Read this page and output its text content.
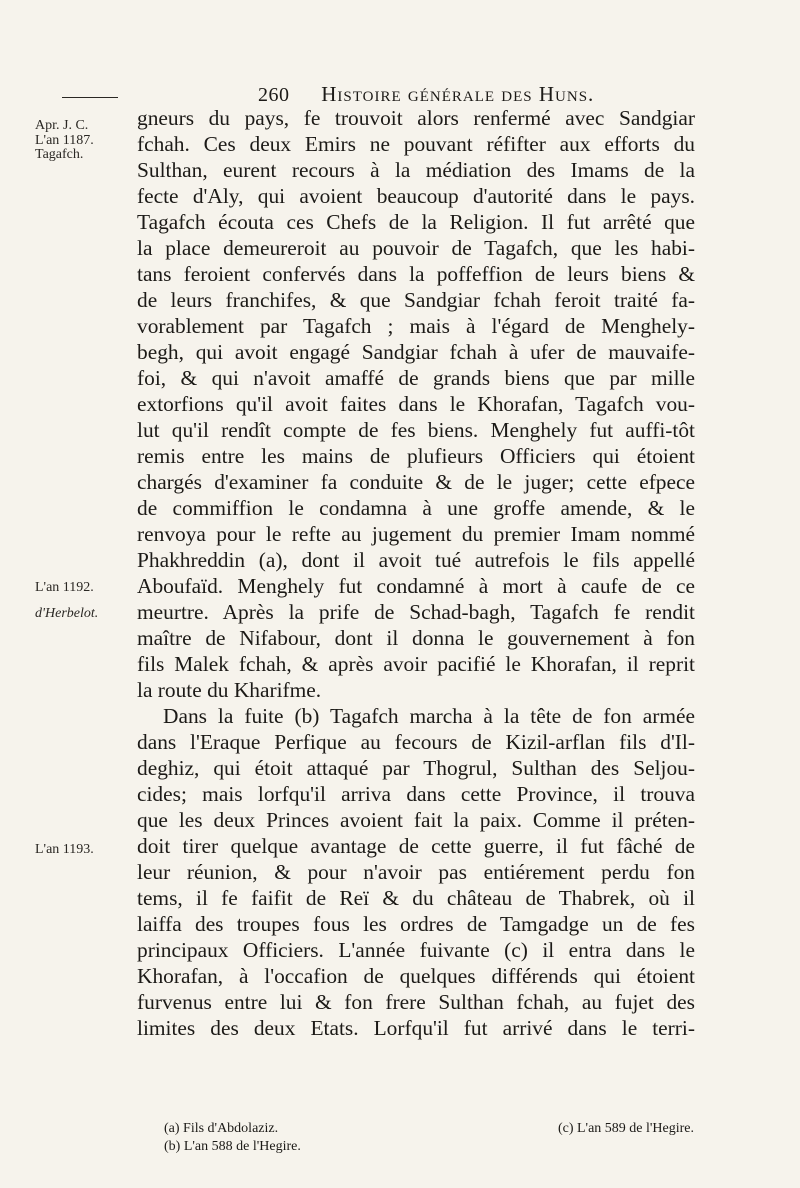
260 Histoire générale des Huns.
Apr. J. C.
L'an 1187.
Tagafch.
L'an 1192.
d'Herbelot.
L'an 1193.
gneurs du pays, fe trouvoit alors renfermé avec Sandgiar
fchah. Ces deux Emirs ne pouvant réfifter aux efforts du
Sulthan, eurent recours à la médiation des Imams de la
fecte d'Aly, qui avoient beaucoup d'autorité dans le pays.
Tagafch écouta ces Chefs de la Religion. Il fut arrêté que
la place demeureroit au pouvoir de Tagafch, que les habi-
tans feroient confervés dans la poffeffion de leurs biens &
de leurs franchifes, & que Sandgiar fchah feroit traité fa-
vorablement par Tagafch ; mais à l'égard de Menghely-
begh, qui avoit engagé Sandgiar fchah à ufer de mauvaife-
foi, & qui n'avoit amaffé de grands biens que par mille
extorfions qu'il avoit faites dans le Khorafan, Tagafch vou-
lut qu'il rendît compte de fes biens. Menghely fut auffi-tôt
remis entre les mains de plufieurs Officiers qui étoient
chargés d'examiner fa conduite & de le juger; cette efpece
de commiffion le condamna à une groffe amende, & le
renvoya pour le refte au jugement du premier Imam nommé
Phakhreddin (a), dont il avoit tué autrefois le fils appellé
Aboufaïd. Menghely fut condamné à mort à caufe de ce
meurtre. Après la prife de Schad-bagh, Tagafch fe rendit
maître de Nifabour, dont il donna le gouvernement à fon
fils Malek fchah, & après avoir pacifié le Khorafan, il reprit
la route du Kharifme.
Dans la fuite (b) Tagafch marcha à la tête de fon armée
dans l'Eraque Perfique au fecours de Kizil-arflan fils d'Il-
deghiz, qui étoit attaqué par Thogrul, Sulthan des Seljou-
cides; mais lorfqu'il arriva dans cette Province, il trouva
que les deux Princes avoient fait la paix. Comme il préten-
doit tirer quelque avantage de cette guerre, il fut fâché de
leur réunion, & pour n'avoir pas entiérement perdu fon
tems, il fe faifit de Reï & du château de Thabrek, où il
laiffa des troupes fous les ordres de Tamgadge un de fes
principaux Officiers. L'année fuivante (c) il entra dans le
Khorafan, à l'occafion de quelques différends qui étoient
furvenus entre lui & fon frere Sulthan fchah, au fujet des
limites des deux Etats. Lorfqu'il fut arrivé dans le terri-
(a) Fils d'Abdolaziz.	(c) L'an 589 de l'Hegire.
(b) L'an 588 de l'Hegire.
